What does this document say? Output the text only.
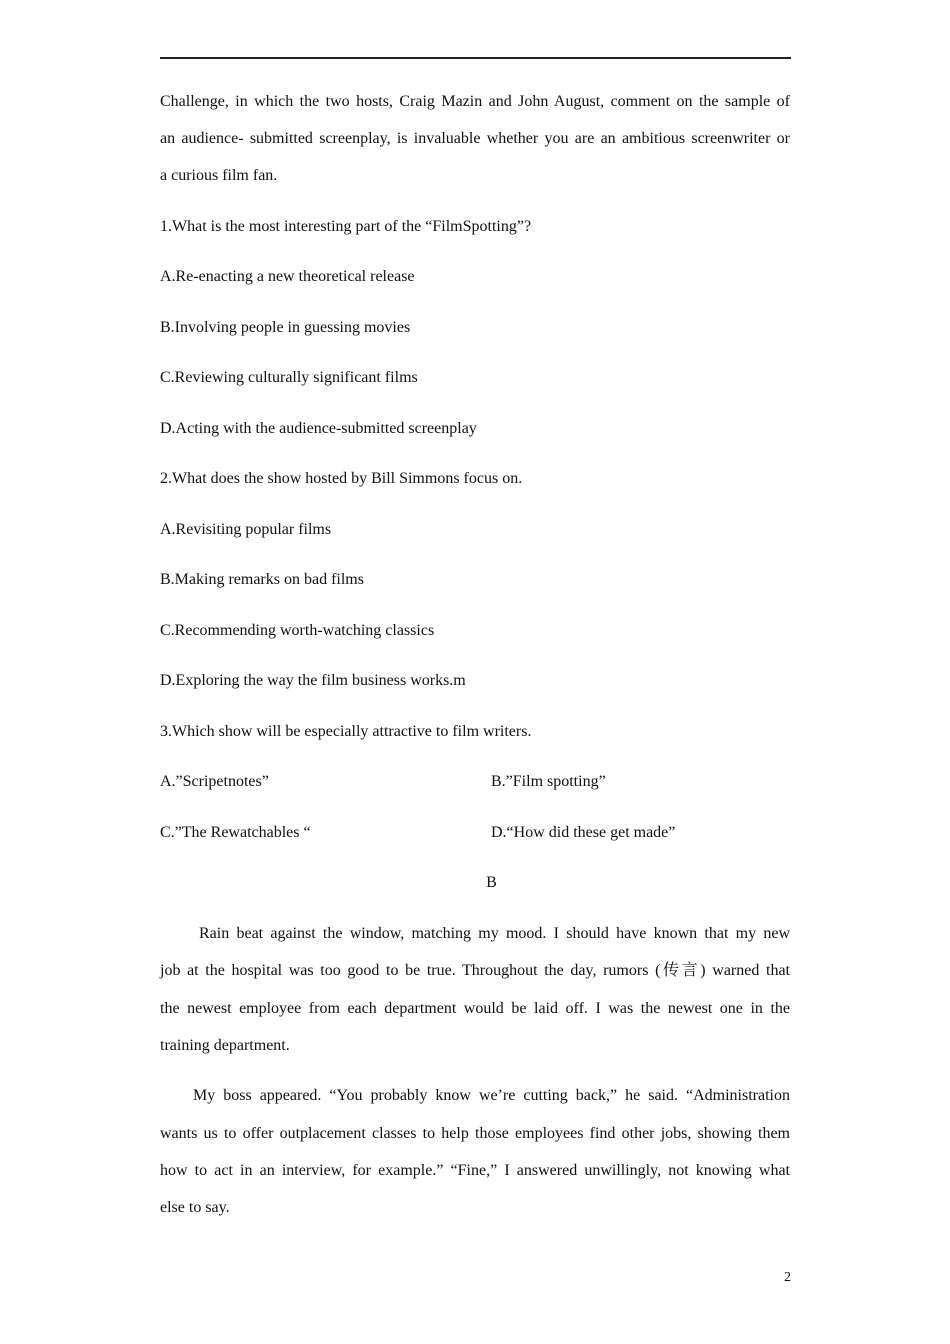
Challenge, in which the two hosts, Craig Mazin and John August, comment on the sample of
an audience- submitted screenplay, is invaluable whether you are an ambitious screenwriter or
a curious film fan.
1.What is the most interesting part of the “FilmSpotting”?
A.Re-enacting a new theoretical release
B.Involving people in guessing movies
C.Reviewing culturally significant films
D.Acting with the audience-submitted screenplay
2.What does the show hosted by Bill Simmons focus on.
A.Revisiting popular films
B.Making remarks on bad films
C.Recommending worth-watching classics
D.Exploring the way the film business works.m
3.Which show will be especially attractive to film writers.
A.”Scripetnotes”	B.”Film spotting”
C.”The Rewatchables “	D.“How did these get made”
B
Rain beat against the window, matching my mood. I should have known that my new
job at the hospital was too good to be true. Throughout the day, rumors (传言) warned that
the newest employee from each department would be laid off. I was the newest one in the
training department.
My boss appeared. “You probably know we’re cutting back,” he said. “Administration
wants us to offer outplacement classes to help those employees find other jobs, showing them
how to act in an interview, for example.” “Fine,” I answered unwillingly, not knowing what
else to say.
2
